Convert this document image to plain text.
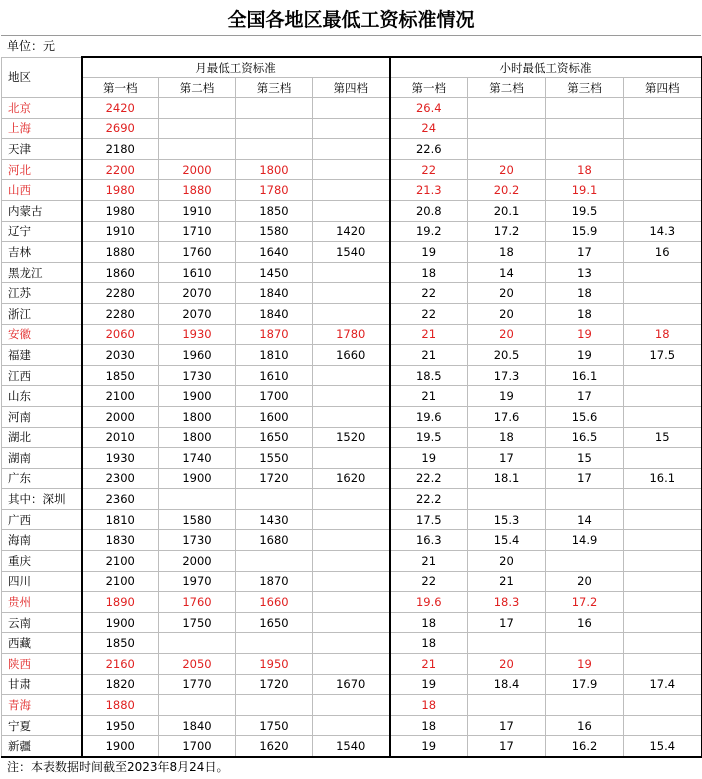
全国各地区最低工资标准情况
单位：元
地区	月最低工资标准				小时最低工资标准			
	第一档	第二档	第三档	第四档	第一档	第二档	第三档	第四档
北京	2420				26.4			
上海	2690				24			
天津	2180				22.6			
河北	2200	2000	1800		22	20	18	
山西	1980	1880	1780		21.3	20.2	19.1	
内蒙古	1980	1910	1850		20.8	20.1	19.5	
辽宁	1910	1710	1580	1420	19.2	17.2	15.9	14.3
吉林	1880	1760	1640	1540	19	18	17	16
黑龙江	1860	1610	1450		18	14	13	
江苏	2280	2070	1840		22	20	18	
浙江	2280	2070	1840		22	20	18	
安徽	2060	1930	1870	1780	21	20	19	18
福建	2030	1960	1810	1660	21	20.5	19	17.5
江西	1850	1730	1610		18.5	17.3	16.1	
山东	2100	1900	1700		21	19	17	
河南	2000	1800	1600		19.6	17.6	15.6	
湖北	2010	1800	1650	1520	19.5	18	16.5	15
湖南	1930	1740	1550		19	17	15	
广东	2300	1900	1720	1620	22.2	18.1	17	16.1
其中：深圳	2360				22.2			
广西	1810	1580	1430		17.5	15.3	14	
海南	1830	1730	1680		16.3	15.4	14.9	
重庆	2100	2000			21	20		
四川	2100	1970	1870		22	21	20	
贵州	1890	1760	1660		19.6	18.3	17.2	
云南	1900	1750	1650		18	17	16	
西藏	1850				18			
陕西	2160	2050	1950		21	20	19	
甘肃	1820	1770	1720	1670	19	18.4	17.9	17.4
青海	1880				18			
宁夏	1950	1840	1750		18	17	16	
新疆	1900	1700	1620	1540	19	17	16.2	15.4
注：本表数据时间截至2023年8月24日。
